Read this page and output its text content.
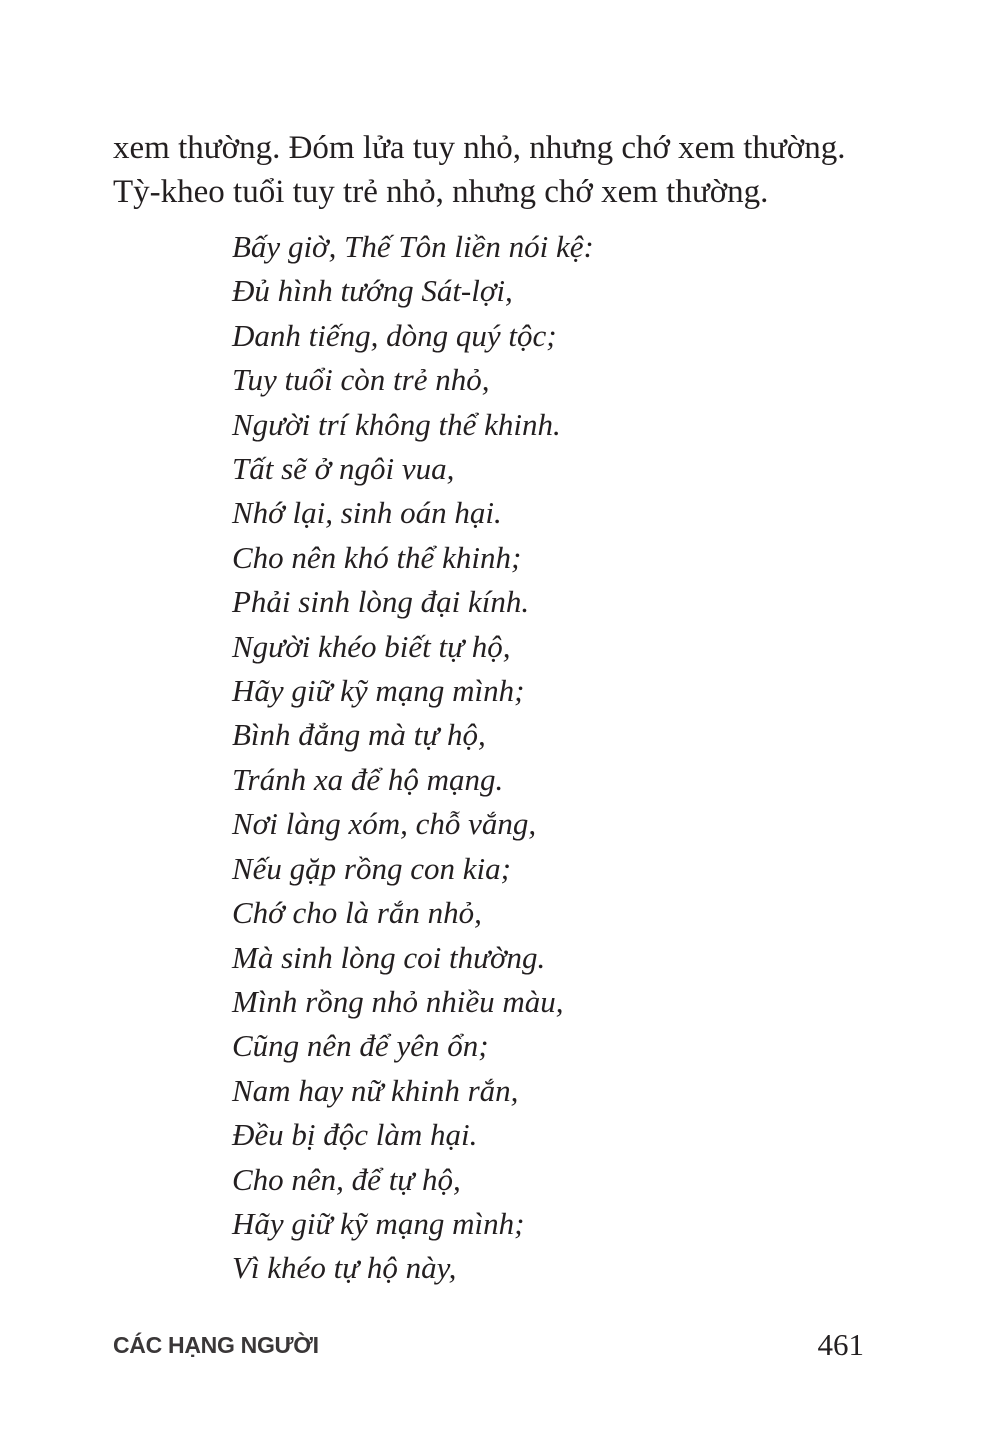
xem thường. Đóm lửa tuy nhỏ, nhưng chớ xem thường.
Tỳ-kheo tuổi tuy trẻ nhỏ, nhưng chớ xem thường.
Bấy giờ, Thế Tôn liền nói kệ:
Đủ hình tướng Sát-lợi,
Danh tiếng, dòng quý tộc;
Tuy tuổi còn trẻ nhỏ,
Người trí không thể khinh.
Tất sẽ ở ngôi vua,
Nhớ lại, sinh oán hại.
Cho nên khó thể khinh;
Phải sinh lòng đại kính.
Người khéo biết tự hộ,
Hãy giữ kỹ mạng mình;
Bình đẳng mà tự hộ,
Tránh xa để hộ mạng.
Nơi làng xóm, chỗ vắng,
Nếu gặp rồng con kia;
Chớ cho là rắn nhỏ,
Mà sinh lòng coi thường.
Mình rồng nhỏ nhiều màu,
Cũng nên để yên ổn;
Nam hay nữ khinh rắn,
Đều bị độc làm hại.
Cho nên, để tự hộ,
Hãy giữ kỹ mạng mình;
Vì khéo tự hộ này,
CÁC HẠNG NGƯỜI	461
